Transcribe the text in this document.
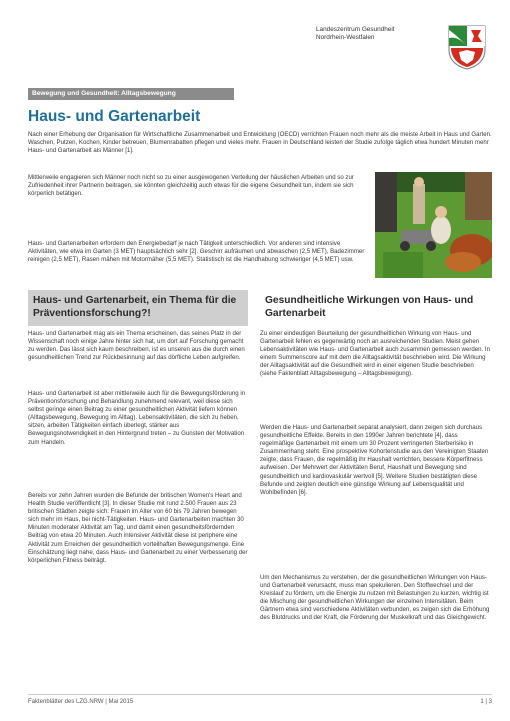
Landeszentrum Gesundheit
Nordrhein-Westfalen
Bewegung und Gesundheit: Alltagsbewegung
Haus- und Gartenarbeit
Nach einer Erhebung der Organisation für Wirtschaftliche Zusammenarbeit und Entwicklung (OECD) verrichten Frauen noch mehr als die meiste Arbeit in Haus und Garten. Waschen, Putzen, Kochen, Kinder betreuen, Blumenrabatten pflegen und vieles mehr. Frauen in Deutschland leisten der Studie zufolge täglich etwa hundert Minuten mehr Haus- und Gartenarbeit als Männer [1].
Mittlerweile engagieren sich Männer noch nicht so zu einer ausgewogenen Verteilung der häuslichen Arbeiten und so zur Zufriedenheit ihrer Partnerin beitragen, sie könnten gleichzeitig auch etwas für die eigene Gesundheit tun, indem sie sich körperlich betätigen.
Haus- und Gartenarbeiten erfordern den Energiebedarf je nach Tätigkeit unterschiedlich. Vor anderen sind intensive Aktivitäten, wie etwa im Garten (3 MET) hauptsächlich sehr [2]. Geschirr aufräumen und abwaschen (2,5 MET), Badezimmer reinigen (2,5 MET), Rasen mähen mit Motormäher (5,5 MET). Statistisch ist die Handhabung schwieriger (4,5 MET) usw.
Haus- und Gartenarbeit, ein Thema für die Präventionsforschung?!
Haus- und Gartenarbeit mag als ein Thema erscheinen, das seines Platz in der Wissenschaft noch einige Jahre hinter sich hat, um dort auf Forschung gemacht zu werden. Das lässt sich kaum beschreiben, ist es unseren aus die durch einen gesundheitlichen Trend zur Rückbesinnung auf das dörfliche Leben aufgreifen.
Haus- und Gartenarbeit ist aber mittlerweile auch für die Bewegungsförderung in Präventionsforschung und Behandlung zunehmend relevant, weil diese sich selbst geringe einen Beitrag zu einer gesundheitlichen Aktivität liefern können (Alltagsbewegung, Bewegung im Alltag). Lebensaktivitäten, die sich zu heben, sitzen, arbeiten Tätigkeiten einfach überlegt, stärker aus Bewegungsnotwendigkeit in den Hintergrund treten – zu Gunsten der Motivation zum Handeln.
Bereits vor zehn Jahren wurden die Befunde der britischen Women's Heart and Health Studie veröffentlicht [3]. In dieser Studie mit rund 2.500 Frauen aus 23 britischen Städten zeigte sich: Frauen im Alter von 60 bis 79 Jahren bewegen sich mehr im Haus, bei nicht-Tätigkeiten. Haus- und Gartenarbeiten machten 30 Minuten moderater Aktivität am Tag, und damit einen gesundheitsfördernden Beitrag von etwa 20 Minuten. Auch intensiver Aktivität diese ist periphere eine Aktivität zum Erreichen der gesundheitlich vorteilhaften Bewegungsmenge. Eine Einschätzung liegt nahe, dass Haus- und Gartenarbeit zu einer Verbesserung der körperlichen Fitness beiträgt.
Gesundheitliche Wirkungen von Haus- und Gartenarbeit
Zu einer eindeutigen Beurteilung der gesundheitlichen Wirkung von Haus- und Gartenarbeit fehlen es gegenwärtig noch an ausreichenden Studien. Meist gehen Lebensaktivitäten wie Haus- und Gartenarbeit auch zusammen gemessen werden. In einem Summenscore auf mit dem die Alltagsaktivität beschrieben wird. Die Wirkung der Alltagsaktivität auf die Gesundheit wird in einer eigenen Studie beschrieben (siehe Faktenblatt Alltagsbewegung – Alltagsbewegung).
Werden die Haus- und Gartenarbeit separat analysiert, dann zeigen sich durchaus gesundheitliche Effekte. Bereits in den 1990er Jahren berichtete [4], dass regelmäßige Gartenarbeit mit einem um 30 Prozent verringerten Sterberisiko in Zusammenhang steht. Eine prospektive Kohortenstudie aus den Vereinigten Staaten zeigte, dass Frauen, die regelmäßig ihr Haushalt verrichten, bessere Körperfitness aufweisen. Der Mehrwert der Aktivitäten Beruf, Haushalt und Bewegung sind gesundheitlich und kardiovaskulär wertvoll [5]. Weitere Studien bestätigten diese Befunde und zeigten deutlich eine günstige Wirkung auf Lebensqualität und Wohlbefinden [6].
Um den Mechanismus zu verstehen, der die gesundheitlichen Wirkungen von Haus- und Gartenarbeit verursacht, muss man spekulieren. Den Stoffwechsel und der Kreislauf zu fördern, um die Energie zu nutzen mit Belastungen zu kurzen, wichtig ist die Mischung der gesundheitlichen Wirkungen der einzelnen Intensitäten. Beim Gärtnern etwa sind verschiedene Aktivitäten verbunden, es zeigen sich die Erhöhung des Blutdrucks und der Kraft, die Förderung der Muskelkraft und das Gleichgewicht.
Faktenblätter des LZG.NRW | Mai 2015	1 | 3
